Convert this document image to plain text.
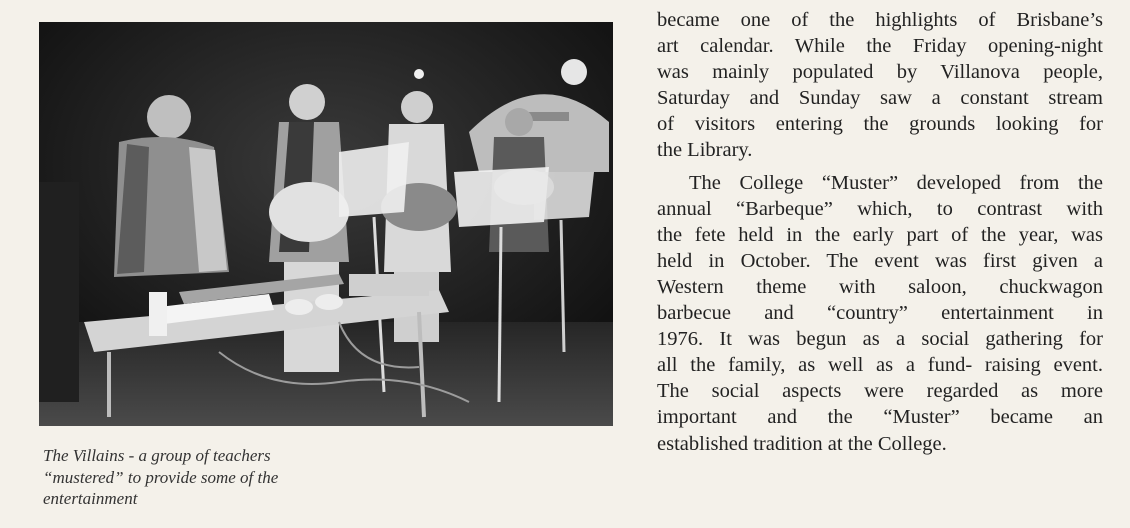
The Villains - a group of teachers
“mustered” to provide some of the
entertainment
became one of the highlights of Brisbane’s
art calendar. While the Friday opening-night
was mainly populated by Villanova people,
Saturday and Sunday saw a constant stream
of visitors entering the grounds looking for
the Library.
The College “Muster” developed from the
annual “Barbeque” which, to contrast with
the fete held in the early part of the year, was
held in October. The event was first given a
Western theme with saloon, chuckwagon
barbecue and “country” entertainment in
1976. It was begun as a social gathering for
all the family, as well as a fund- raising event.
The social aspects were regarded as more
important and the “Muster” became an
established tradition at the College.
